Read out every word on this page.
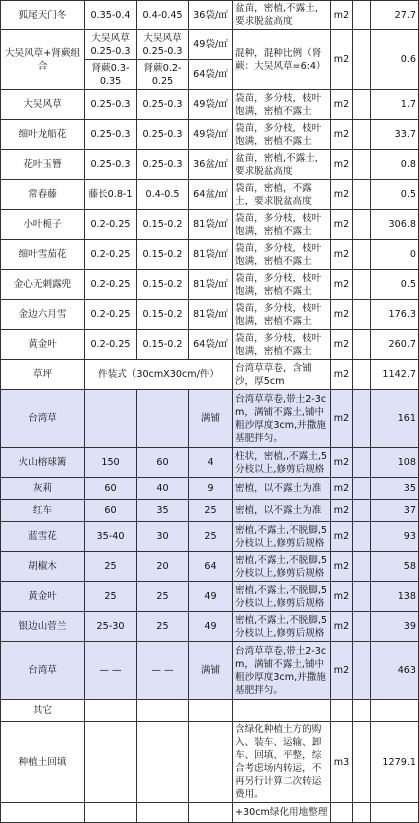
狐尾天门冬	0.35-0.4	0.4-0.45	36袋/㎡	盆苗，密植,不露土，要求脱盆高度	m2		27.7
大吴风草+肾蕨组合	大吴风草0.25-0.3	大吴风草0.25-0.3	49袋/㎡	混种，混种比例（肾蕨：大吴风草=6:4）	m2		0.6
	肾蕨0.3-0.35	肾蕨0.2-0.25	64袋/㎡				
大吴风草	0.25-0.3	0.25-0.3	49袋/㎡	袋苗，多分枝，枝叶饱满，密植不露土	m2		1.7
细叶龙船花	0.25-0.3	0.25-0.3	49袋/㎡	袋苗，多分枝，枝叶饱满，密植不露土	m2		33.7
花叶玉簪	0.25-0.3	0.25-0.3	36盆/㎡	盆苗，密植,不露土，要求脱盆高度	m2		0.8
常春藤	藤长0.8-1	0.4-0.5	64盆/㎡	袋苗，密植，不露土，要求脱盆高度	m2		0.5
小叶栀子	0.2-0.25	0.15-0.2	81袋/㎡	袋苗，多分枝，枝叶饱满，密植不露土	m2		306.8
细叶雪茄花	0.2-0.25	0.15-0.2	81袋/㎡	袋苗，多分枝，枝叶饱满，密植不露土	m2		0
金心无刺露兜	0.2-0.25	0.15-0.2	81袋/㎡	袋苗，多分枝，枝叶饱满，密植不露土	m2		0.5
金边六月雪	0.2-0.25	0.15-0.2	81袋/㎡	袋苗，多分枝，枝叶饱满，密植不露土	m2		176.3
黄金叶	0.2-0.25	0.15-0.2	64袋/㎡	袋苗，多分枝，枝叶饱满，密植不露土	m2		260.7
草坪	件装式（30cmX30cm/件）			台湾草草卷，含铺沙，厚5cm	m2		1142.7
台湾草			满铺	台湾草草卷,带土2-3cm，满铺不露土,铺中粗沙厚度3cm,并撒施基肥拌匀。	m2		161
火山榕球篱	150	60	4	柱状，密植,,不露土,5分枝以上,修剪后规格	m2		108
灰莉	60	40	9	密植，以不露土为准	m2		35
红车	60	35	25	密植，以不露土为准	m2		37
蓝雪花	35-40	30	25	密植,不露土,不脱脚,5分枝以上,修剪后规格	m2		93
胡椒木	25	20	64	密植,不露土,不脱脚,5分枝以上,修剪后规格	m2		58
黄金叶	25	25	49	密植,不露土,不脱脚,5分枝以上,修剪后规格	m2		138
银边山菅兰	25-30	25	49	密植,不露土,不脱脚,5分枝以上,修剪后规格	m2		39
台湾草	— —	— —	满铺	台湾草草卷,带土2-3cm，满铺不露土,铺中粗沙厚度3cm,并撒施基肥拌匀。	m2		463
其它							
种植土回填				含绿化种植土方的购入、装车、运输、卸车、回填、平整，综合考虑场内转运，不再另行计算二次转运费用。	m3		1279.1
				+30cm绿化用地整理			
